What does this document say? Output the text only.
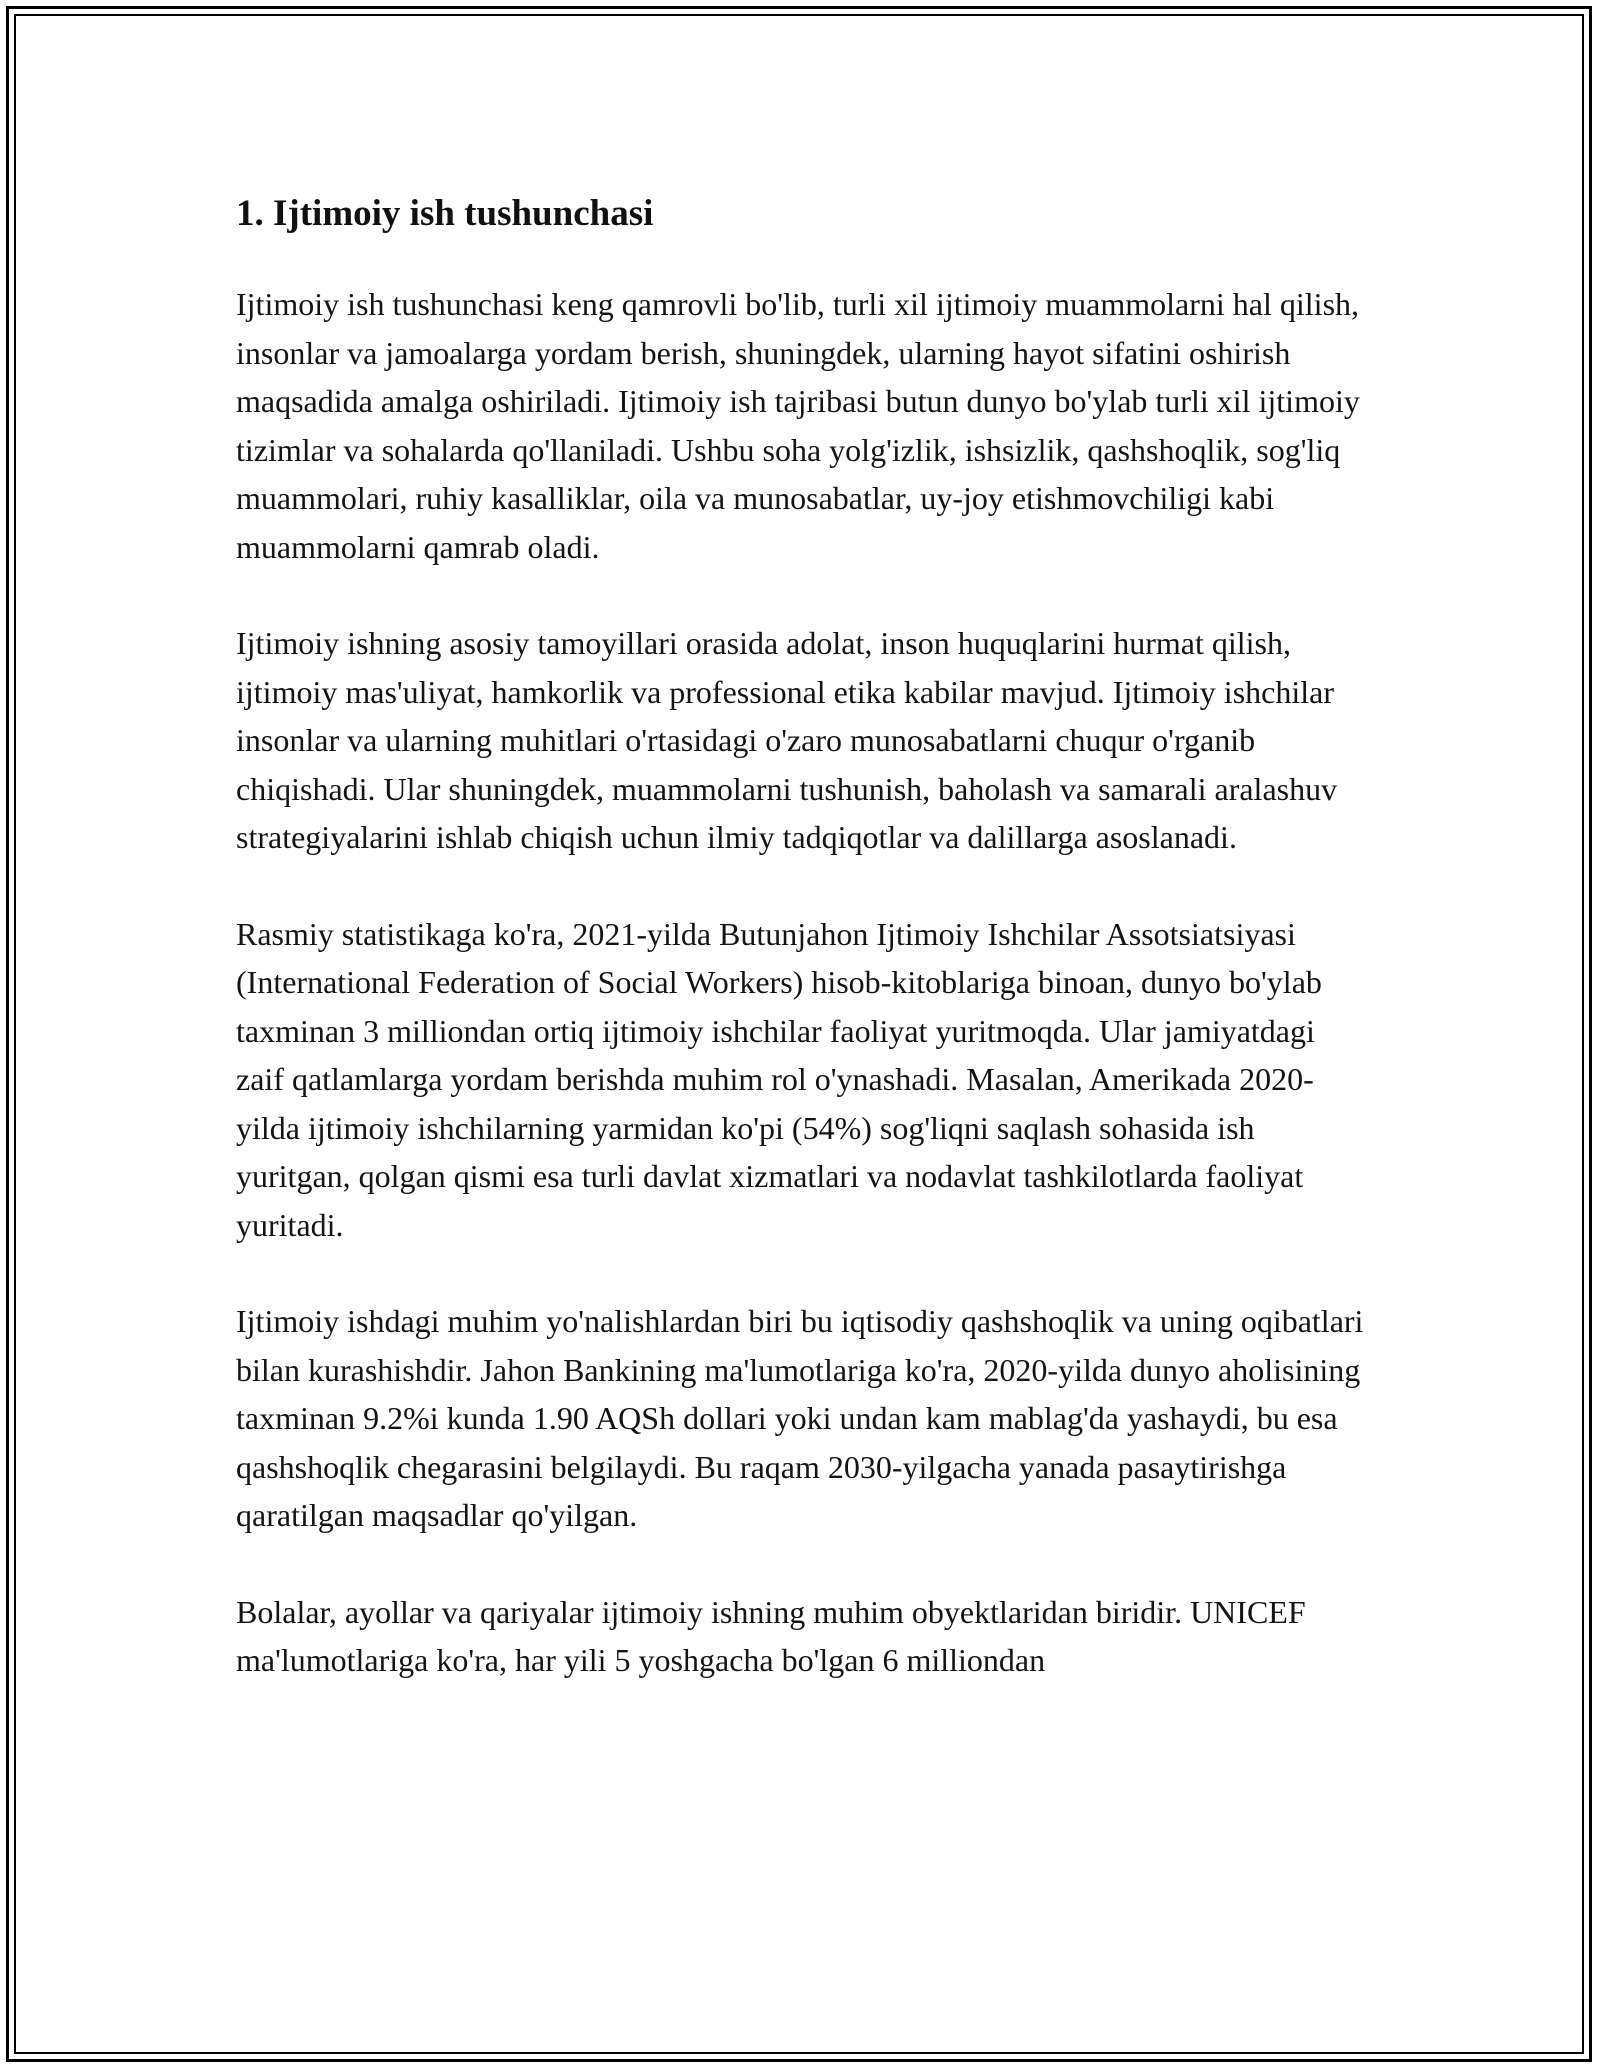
1. Ijtimoiy ish tushunchasi

Ijtimoiy ish tushunchasi keng qamrovli bo'lib, turli xil ijtimoiy muammolarni hal qilish, insonlar va jamoalarga yordam berish, shuningdek, ularning hayot sifatini oshirish maqsadida amalga oshiriladi. Ijtimoiy ish tajribasi butun dunyo bo'ylab turli xil ijtimoiy tizimlar va sohalarda qo'llaniladi. Ushbu soha yolg'izlik, ishsizlik, qashshoqlik, sog'liq muammolari, ruhiy kasalliklar, oila va munosabatlar, uy-joy etishmovchiligi kabi muammolarni qamrab oladi.

Ijtimoiy ishning asosiy tamoyillari orasida adolat, inson huquqlarini hurmat qilish, ijtimoiy mas'uliyat, hamkorlik va professional etika kabilar mavjud. Ijtimoiy ishchilar insonlar va ularning muhitlari o'rtasidagi o'zaro munosabatlarni chuqur o'rganib chiqishadi. Ular shuningdek, muammolarni tushunish, baholash va samarali aralashuv strategiyalarini ishlab chiqish uchun ilmiy tadqiqotlar va dalillarga asoslanadi.

Rasmiy statistikaga ko'ra, 2021-yilda Butunjahon Ijtimoiy Ishchilar Assotsiatsiyasi (International Federation of Social Workers) hisob-kitoblariga binoan, dunyo bo'ylab taxminan 3 milliondan ortiq ijtimoiy ishchilar faoliyat yuritmoqda. Ular jamiyatdagi zaif qatlamlarga yordam berishda muhim rol o'ynashadi. Masalan, Amerikada 2020-yilda ijtimoiy ishchilarning yarmidan ko'pi (54%) sog'liqni saqlash sohasida ish yuritgan, qolgan qismi esa turli davlat xizmatlari va nodavlat tashkilotlarda faoliyat yuritadi.

Ijtimoiy ishdagi muhim yo'nalishlardan biri bu iqtisodiy qashshoqlik va uning oqibatlari bilan kurashishdir. Jahon Bankining ma'lumotlariga ko'ra, 2020-yilda dunyo aholisining taxminan 9.2%i kunda 1.90 AQSh dollari yoki undan kam mablag'da yashaydi, bu esa qashshoqlik chegarasini belgilaydi. Bu raqam 2030-yilgacha yanada pasaytirishga qaratilgan maqsadlar qo'yilgan.

Bolalar, ayollar va qariyalar ijtimoiy ishning muhim obyektlaridan biridir. UNICEF ma'lumotlariga ko'ra, har yili 5 yoshgacha bo'lgan 6 milliondan
